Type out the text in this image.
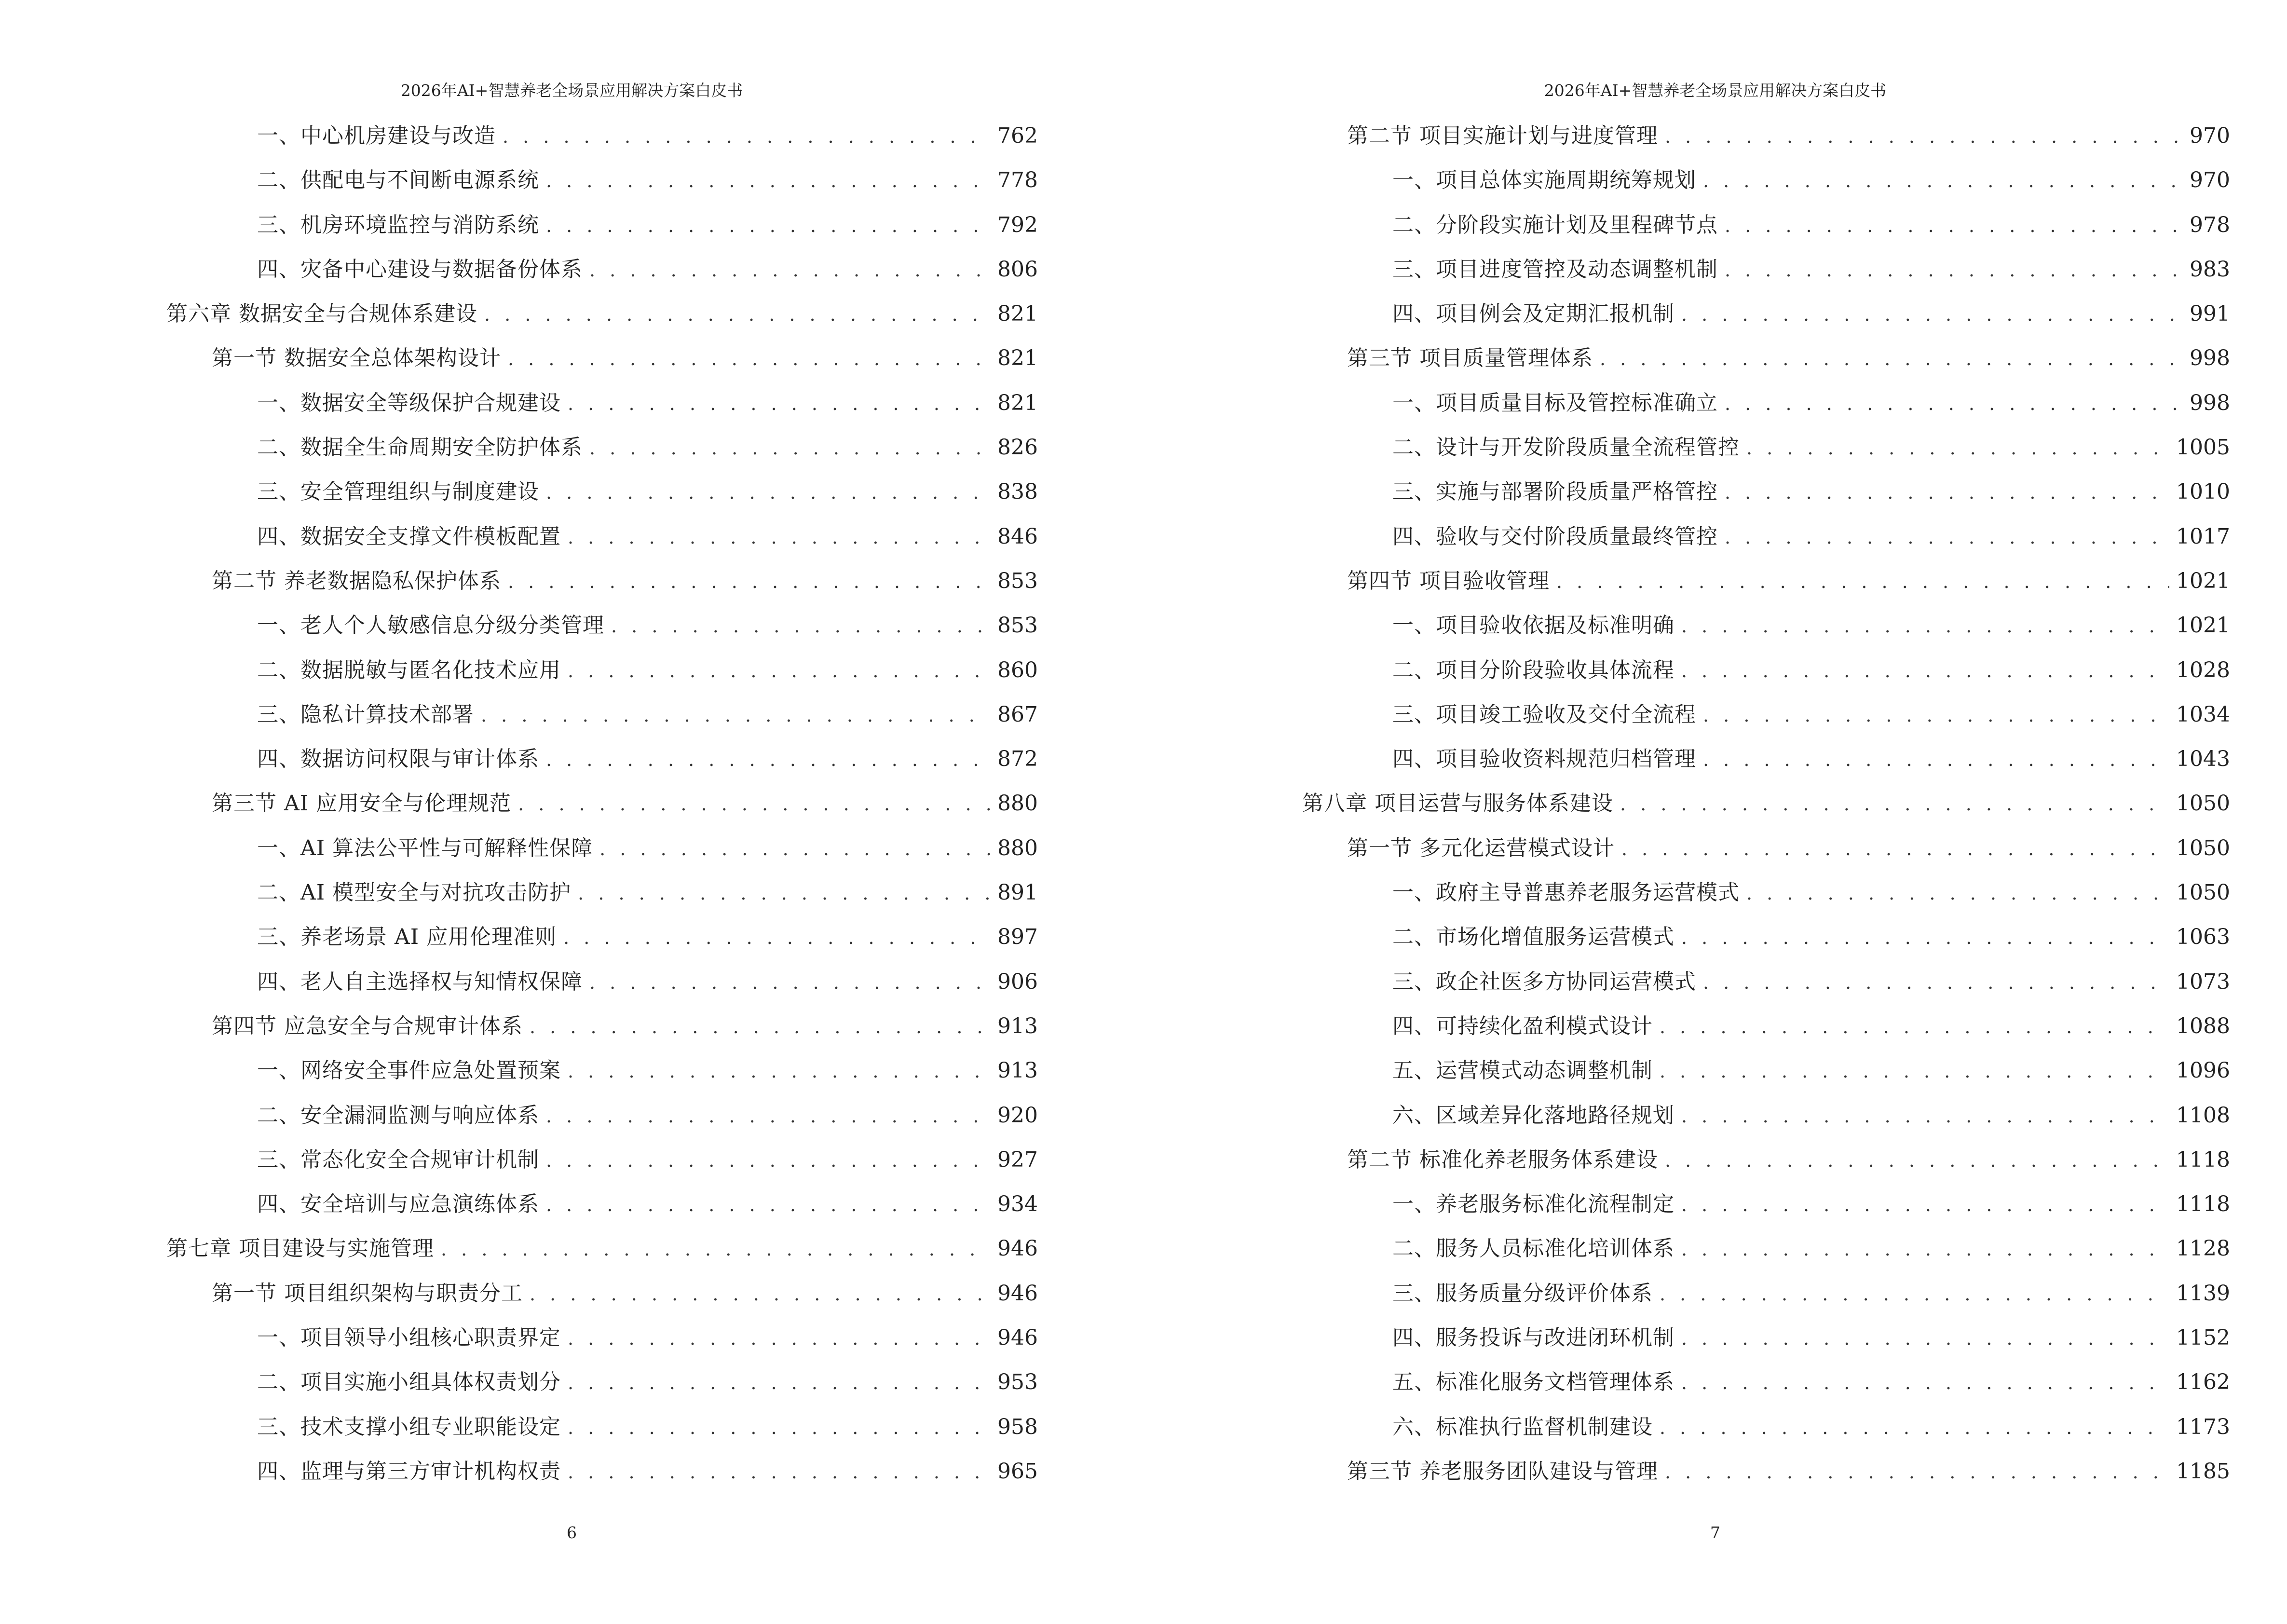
2026年AI+智慧养老全场景应用解决方案白皮书
一、中心机房建设与改造 . . .	762
二、供配电与不间断电源系统 . . .	778
三、机房环境监控与消防系统 . . .	792
四、灾备中心建设与数据备份体系 . . .	806
第六章 数据安全与合规体系建设 . . .	821
第一节 数据安全总体架构设计 . . .	821
一、数据安全等级保护合规建设 . . .	821
二、数据全生命周期安全防护体系 . . .	826
三、安全管理组织与制度建设 . . .	838
四、数据安全支撑文件模板配置 . . .	846
第二节 养老数据隐私保护体系 . . .	853
一、老人个人敏感信息分级分类管理 . . .	853
二、数据脱敏与匿名化技术应用 . . .	860
三、隐私计算技术部署 . . .	867
四、数据访问权限与审计体系 . . .	872
第三节 AI 应用安全与伦理规范 . . .	880
一、AI 算法公平性与可解释性保障 . . .	880
二、AI 模型安全与对抗攻击防护 . . .	891
三、养老场景 AI 应用伦理准则 . . .	897
四、老人自主选择权与知情权保障 . . .	906
第四节 应急安全与合规审计体系 . . .	913
一、网络安全事件应急处置预案 . . .	913
二、安全漏洞监测与响应体系 . . .	920
三、常态化安全合规审计机制 . . .	927
四、安全培训与应急演练体系 . . .	934
第七章 项目建设与实施管理 . . .	946
第一节 项目组织架构与职责分工 . . .	946
一、项目领导小组核心职责界定 . . .	946
二、项目实施小组具体权责划分 . . .	953
三、技术支撑小组专业职能设定 . . .	958
四、监理与第三方审计机构权责 . . .	965
6
2026年AI+智慧养老全场景应用解决方案白皮书
第二节 项目实施计划与进度管理 . . .	970
一、项目总体实施周期统筹规划 . . .	970
二、分阶段实施计划及里程碑节点 . . .	978
三、项目进度管控及动态调整机制 . . .	983
四、项目例会及定期汇报机制 . . .	991
第三节 项目质量管理体系 . . .	998
一、项目质量目标及管控标准确立 . . .	998
二、设计与开发阶段质量全流程管控 . . .	1005
三、实施与部署阶段质量严格管控 . . .	1010
四、验收与交付阶段质量最终管控 . . .	1017
第四节 项目验收管理 . . .	1021
一、项目验收依据及标准明确 . . .	1021
二、项目分阶段验收具体流程 . . .	1028
三、项目竣工验收及交付全流程 . . .	1034
四、项目验收资料规范归档管理 . . .	1043
第八章 项目运营与服务体系建设 . . .	1050
第一节 多元化运营模式设计 . . .	1050
一、政府主导普惠养老服务运营模式 . . .	1050
二、市场化增值服务运营模式 . . .	1063
三、政企社医多方协同运营模式 . . .	1073
四、可持续化盈利模式设计 . . .	1088
五、运营模式动态调整机制 . . .	1096
六、区域差异化落地路径规划 . . .	1108
第二节 标准化养老服务体系建设 . . .	1118
一、养老服务标准化流程制定 . . .	1118
二、服务人员标准化培训体系 . . .	1128
三、服务质量分级评价体系 . . .	1139
四、服务投诉与改进闭环机制 . . .	1152
五、标准化服务文档管理体系 . . .	1162
六、标准执行监督机制建设 . . .	1173
第三节 养老服务团队建设与管理 . . .	1185
7
